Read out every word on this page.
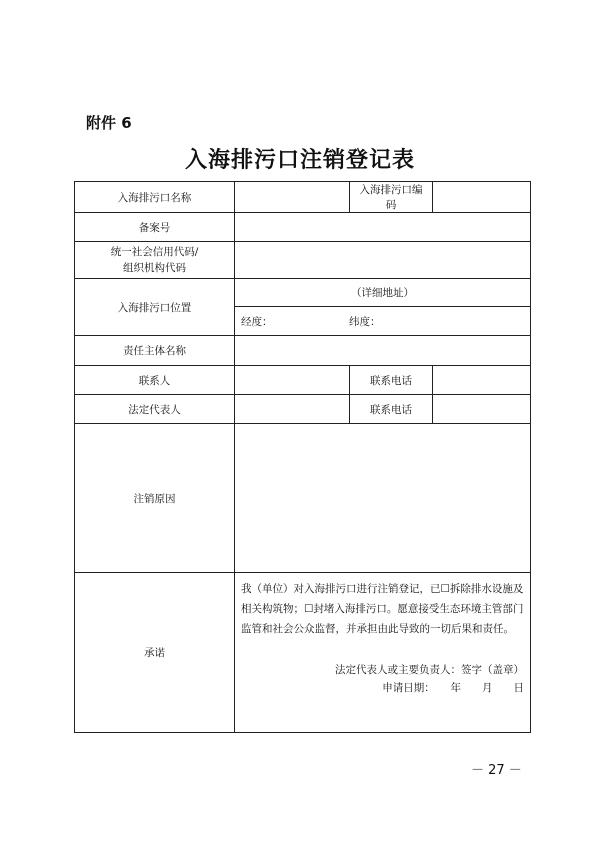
附件 6
入海排污口注销登记表
入海排污口名称		入海排污口编码	
备案号			

统一社会信用代码/
组织机构代码			

入海排污口位置	（详细地址）		
	经度： 纬度：		
责任主体名称			
联系人		联系电话	
法定代表人		联系电话	
注销原因			
承诺	我（单位）对入海排污口进行注销登记，已☐拆除排水设施及相关构筑物；☐封堵入海排污口。愿意接受生态环境主管部门监管和社会公众监督，并承担由此导致的一切后果和责任。
法定代表人或主要负责人：签字（盖章）
申请日期：　　年　　月　　日		
－ 27 －
